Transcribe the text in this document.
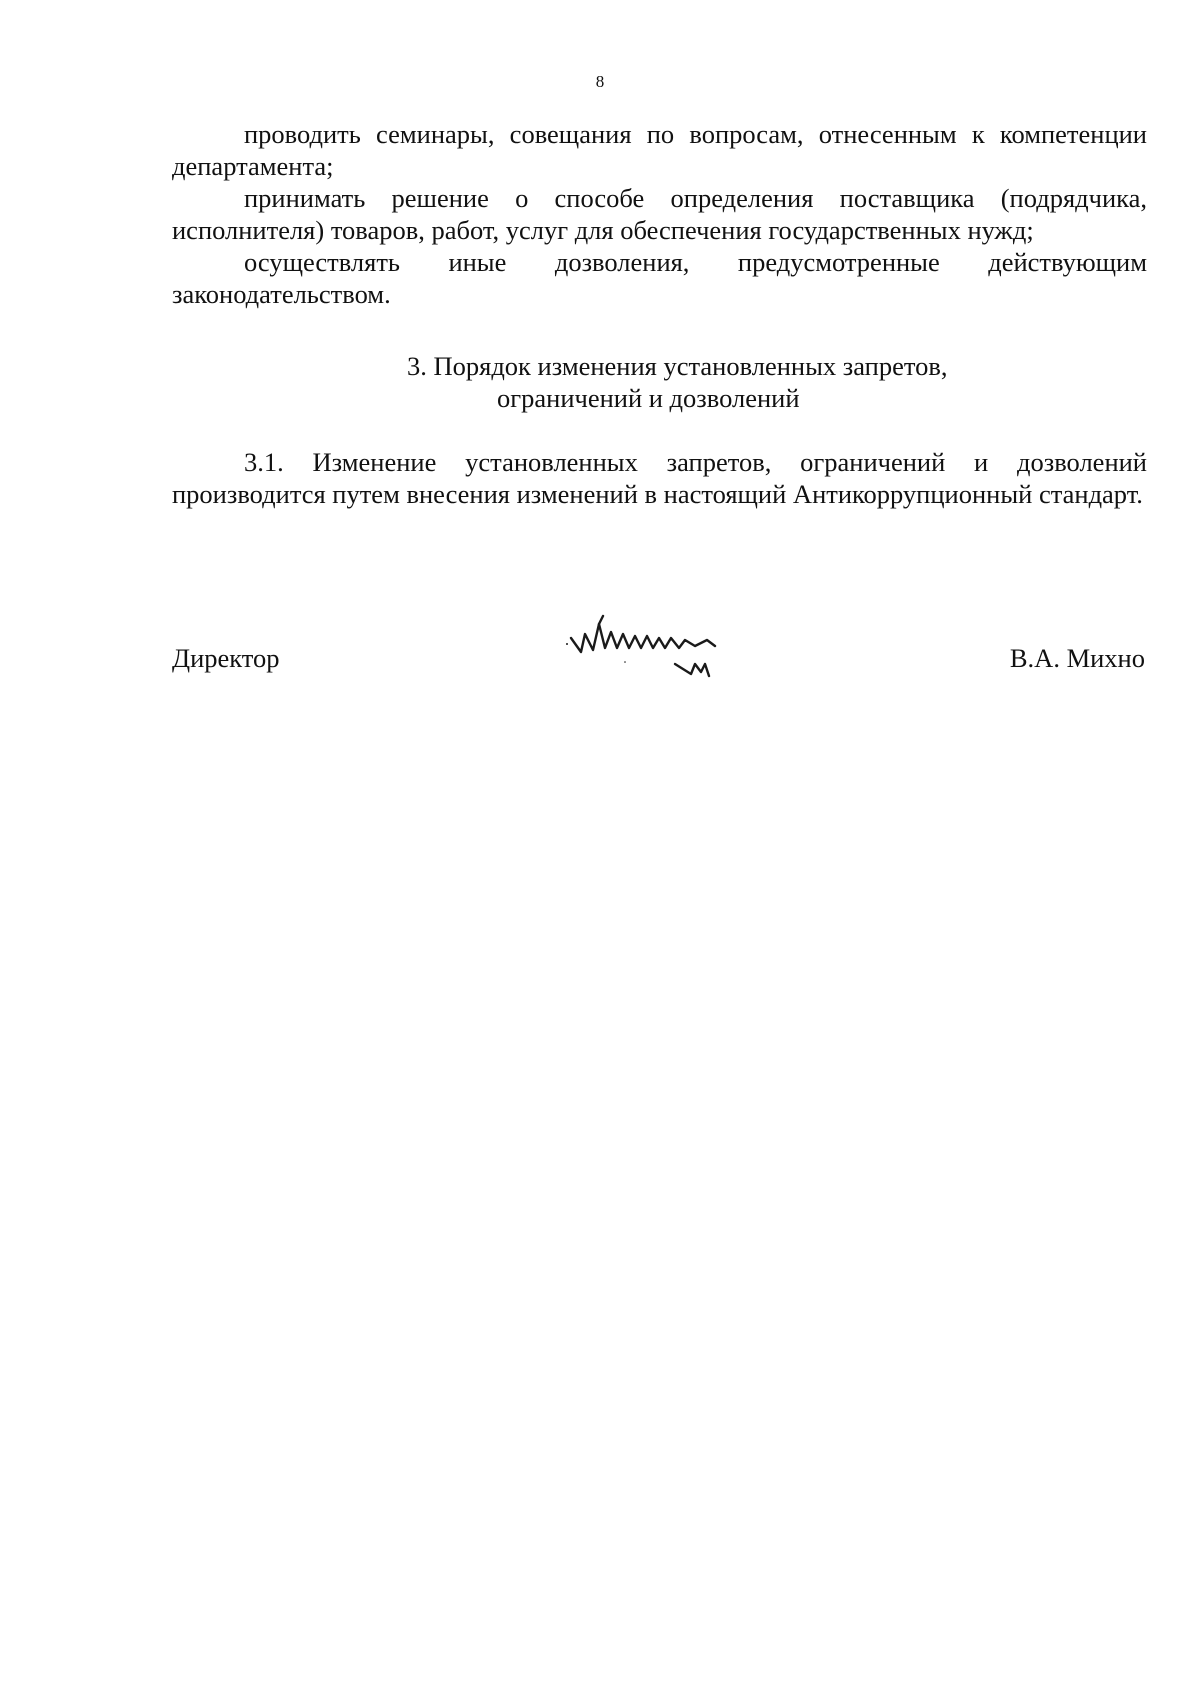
8

проводить семинары, совещания по вопросам, отнесенным к компетенции департамента;

принимать решение о способе определения поставщика (подрядчика, исполнителя) товаров, работ, услуг для обеспечения государственных нужд;

осуществлять иные дозволения, предусмотренные действующим законодательством.

3. Порядок изменения установленных запретов,
ограничений и дозволений

3.1. Изменение установленных запретов, ограничений и дозволений производится путем внесения изменений в настоящий Антикоррупционный стандарт.

Директор	В.А. Михно
